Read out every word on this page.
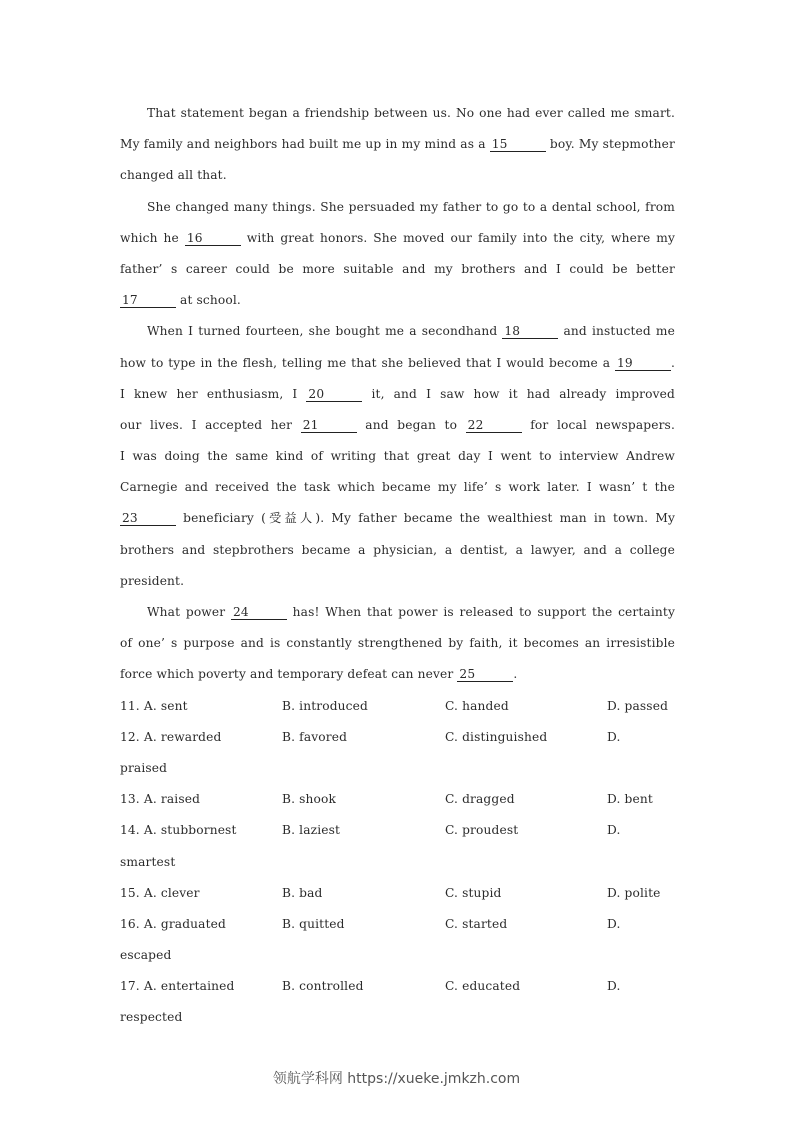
That statement began a friendship between us. No one had ever called me smart.
My family and neighbors had built me up in my mind as a 15	boy. My stepmother
changed all that.
She changed many things. She persuaded my father to go to a dental school, from
which he 16	with great honors. She moved our family into the city, where my
father’ s career could be more suitable and my brothers and I could be better
17	at school.
When I turned fourteen, she bought me a secondhand 18	and instucted me
how to type in the flesh, telling me that she believed that I would become a 19	.
I knew her enthusiasm, I 20	it, and I saw how it had already improved
our lives. I accepted her 21	and began to 22	for local newspapers.
I was doing the same kind of writing that great day I went to interview Andrew
Carnegie and received the task which became my life’ s work later. I wasn’ t the
23	beneficiary (受益人). My father became the wealthiest man in town. My
brothers and stepbrothers became a physician, a dentist, a lawyer, and a college
president.
What power 24	has! When that power is released to support the certainty
of one’ s purpose and is constantly strengthened by faith, it becomes an irresistible
force which poverty and temporary defeat can never 25	.
11. A. sent	B. introduced	C. handed	D. passed
12. A. rewarded	B. favored	C. distinguished	D.
praised
13. A. raised	B. shook	C. dragged	D. bent
14. A. stubbornest	B. laziest	C. proudest	D.
smartest
15. A. clever	B. bad	C. stupid	D. polite
16. A. graduated	B. quitted	C. started	D.
escaped
17. A. entertained	B. controlled	C. educated	D.
respected
领航学科网 https://xueke.jmkzh.com
